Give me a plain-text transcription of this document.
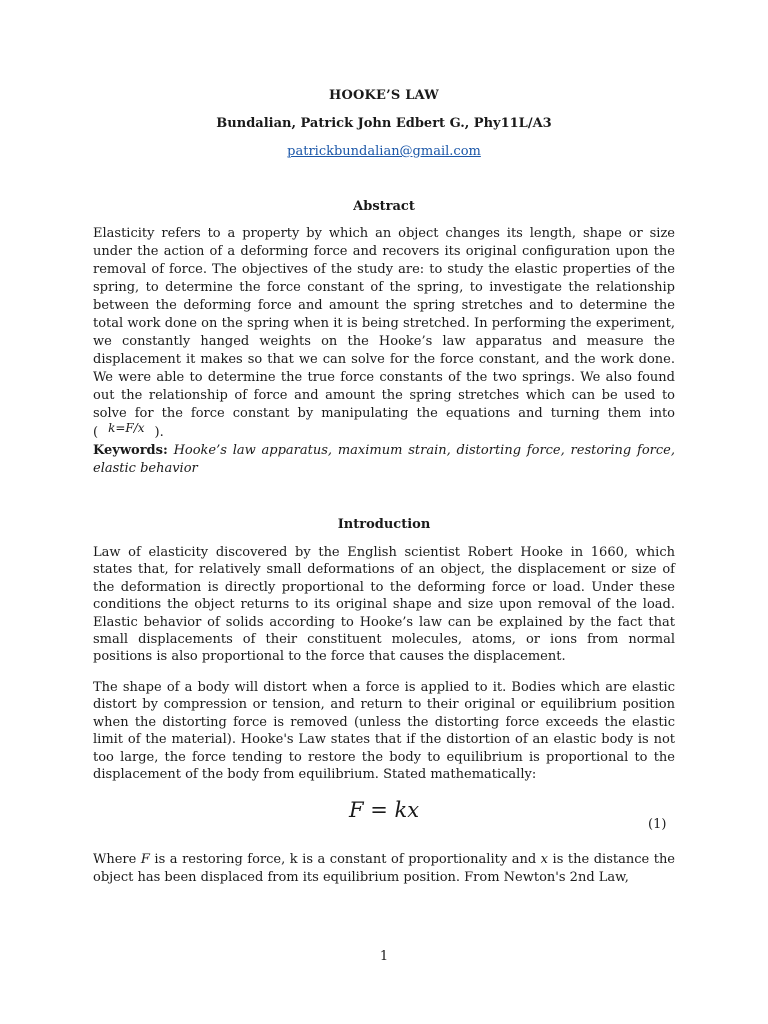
HOOKE’S LAW
Bundalian, Patrick John Edbert G., Phy11L/A3
patrickbundalian@gmail.com
Abstract
Elasticity refers to a property by which an object changes its length, shape or size under the action of a deforming force and recovers its original configuration upon the removal of force. The objectives of the study are: to study the elastic properties of the spring, to determine the force constant of the spring, to investigate the relationship between the deforming force and amount the spring stretches and to determine the total work done on the spring when it is being stretched. In performing the experiment, we constantly hanged weights on the Hooke’s law apparatus and measure the displacement it makes so that we can solve for the force constant, and the work done. We were able to determine the true force constants of the two springs. We also found out the relationship of force and amount the spring stretches which can be used to solve for the force constant by manipulating the equations and turning them into ( k=F/x ).
Keywords: Hooke’s law apparatus, maximum strain, distorting force, restoring force, elastic behavior
Introduction
Law of elasticity discovered by the English scientist Robert Hooke in 1660, which states that, for relatively small deformations of an object, the displacement or size of the deformation is directly proportional to the deforming force or load. Under these conditions the object returns to its original shape and size upon removal of the load. Elastic behavior of solids according to Hooke’s law can be explained by the fact that small displacements of their constituent molecules, atoms, or ions from normal positions is also proportional to the force that causes the displacement.
The shape of a body will distort when a force is applied to it. Bodies which are elastic distort by compression or tension, and return to their original or equilibrium position when the distorting force is removed (unless the distorting force exceeds the elastic limit of the material). Hooke's Law states that if the distortion of an elastic body is not too large, the force tending to restore the body to equilibrium is proportional to the displacement of the body from equilibrium. Stated mathematically:
F = kx
(1)
Where F is a restoring force, k is a constant of proportionality and x is the distance the object has been displaced from its equilibrium position. From Newton's 2nd Law,
1
